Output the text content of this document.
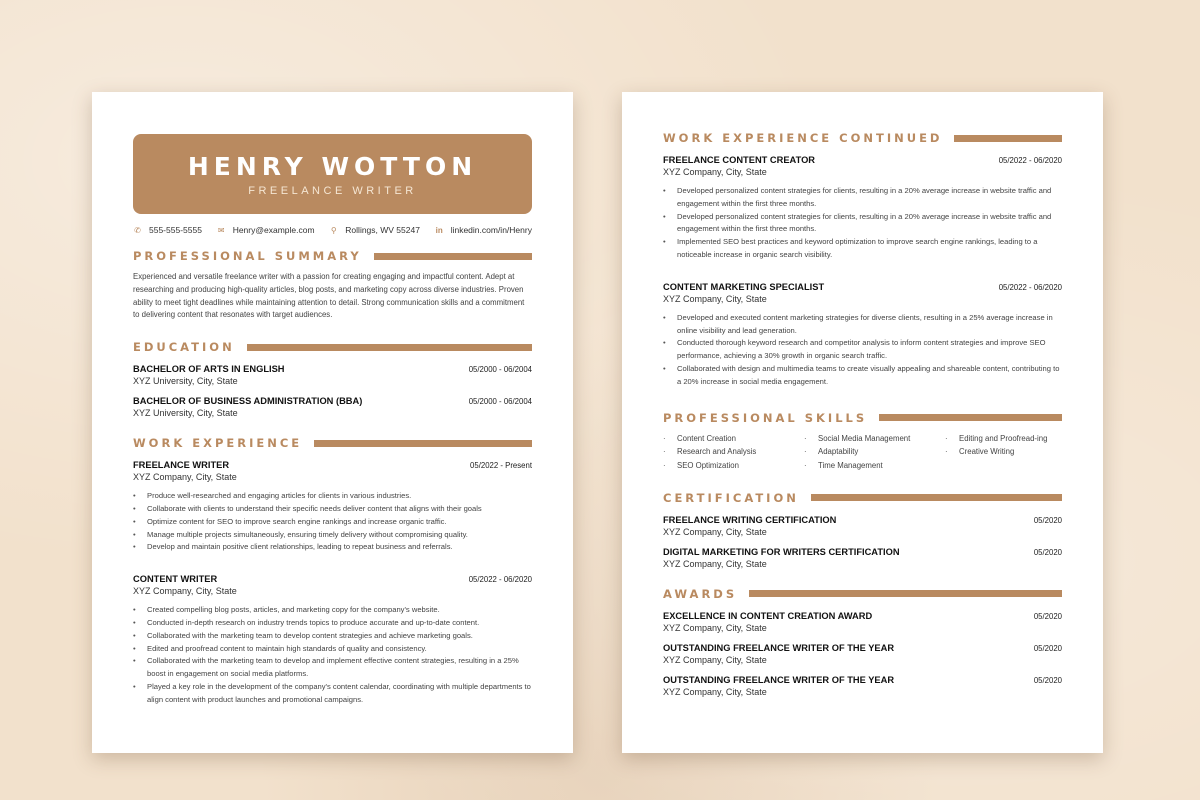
HENRY WOTTON
FREELANCE WRITER
✆ 555-555-5555 ✉ Henry@example.com ⚲ Rollings, WV 55247 in linkedin.com/in/Henry
PROFESSIONAL SUMMARY

Experienced and versatile freelance writer with a passion for creating engaging and impactful content. Adept at researching and producing high-quality articles, blog posts, and marketing copy across diverse industries. Proven ability to meet tight deadlines while maintaining attention to detail. Strong communication skills and a commitment to delivering content that resonates with target audiences.

EDUCATION
BACHELOR OF ARTS IN ENGLISH	05/2000 - 06/2004
XYZ University, City, State
BACHELOR OF BUSINESS ADMINISTRATION (BBA)	05/2000 - 06/2004
XYZ University, City, State
WORK EXPERIENCE
FREELANCE WRITER	05/2022 - Present
XYZ Company, City, State
• Produce well-researched and engaging articles for clients in various industries.
• Collaborate with clients to understand their specific needs deliver content that aligns with their goals
• Optimize content for SEO to improve search engine rankings and increase organic traffic.
• Manage multiple projects simultaneously, ensuring timely delivery without compromising quality.
• Develop and maintain positive client relationships, leading to repeat business and referrals.
CONTENT WRITER	05/2022 - 06/2020
XYZ Company, City, State
• Created compelling blog posts, articles, and marketing copy for the company's website.
• Conducted in-depth research on industry trends topics to produce accurate and up-to-date content.
• Collaborated with the marketing team to develop content strategies and achieve marketing goals.
• Edited and proofread content to maintain high standards of quality and consistency.
• Collaborated with the marketing team to develop and implement effective content strategies, resulting in a 25% boost in engagement on social media platforms.
• Played a key role in the development of the company's content calendar, coordinating with multiple departments to align content with product launches and promotional campaigns.
WORK EXPERIENCE CONTINUED
FREELANCE CONTENT CREATOR	05/2022 - 06/2020
XYZ Company, City, State
• Developed personalized content strategies for clients, resulting in a 20% average increase in website traffic and engagement within the first three months.
• Developed personalized content strategies for clients, resulting in a 20% average increase in website traffic and engagement within the first three months.
• Implemented SEO best practices and keyword optimization to improve search engine rankings, leading to a noticeable increase in organic search visibility.
CONTENT MARKETING SPECIALIST	05/2022 - 06/2020
XYZ Company, City, State
• Developed and executed content marketing strategies for diverse clients, resulting in a 25% average increase in online visibility and lead generation.
• Conducted thorough keyword research and competitor analysis to inform content strategies and improve SEO performance, achieving a 30% growth in organic search traffic.
• Collaborated with design and multimedia teams to create visually appealing and shareable content, contributing to a 20% increase in social media engagement.
PROFESSIONAL SKILLS
· Content Creation	· Social Media Management	· Editing and Proofread-ing
· Research and Analysis	· Adaptability	· Creative Writing
· SEO Optimization	· Time Management
CERTIFICATION
FREELANCE WRITING CERTIFICATION	05/2020
XYZ Company, City, State
DIGITAL MARKETING FOR WRITERS CERTIFICATION	05/2020
XYZ Company, City, State
AWARDS
EXCELLENCE IN CONTENT CREATION AWARD	05/2020
XYZ Company, City, State
OUTSTANDING FREELANCE WRITER OF THE YEAR	05/2020
XYZ Company, City, State
OUTSTANDING FREELANCE WRITER OF THE YEAR	05/2020
XYZ Company, City, State
